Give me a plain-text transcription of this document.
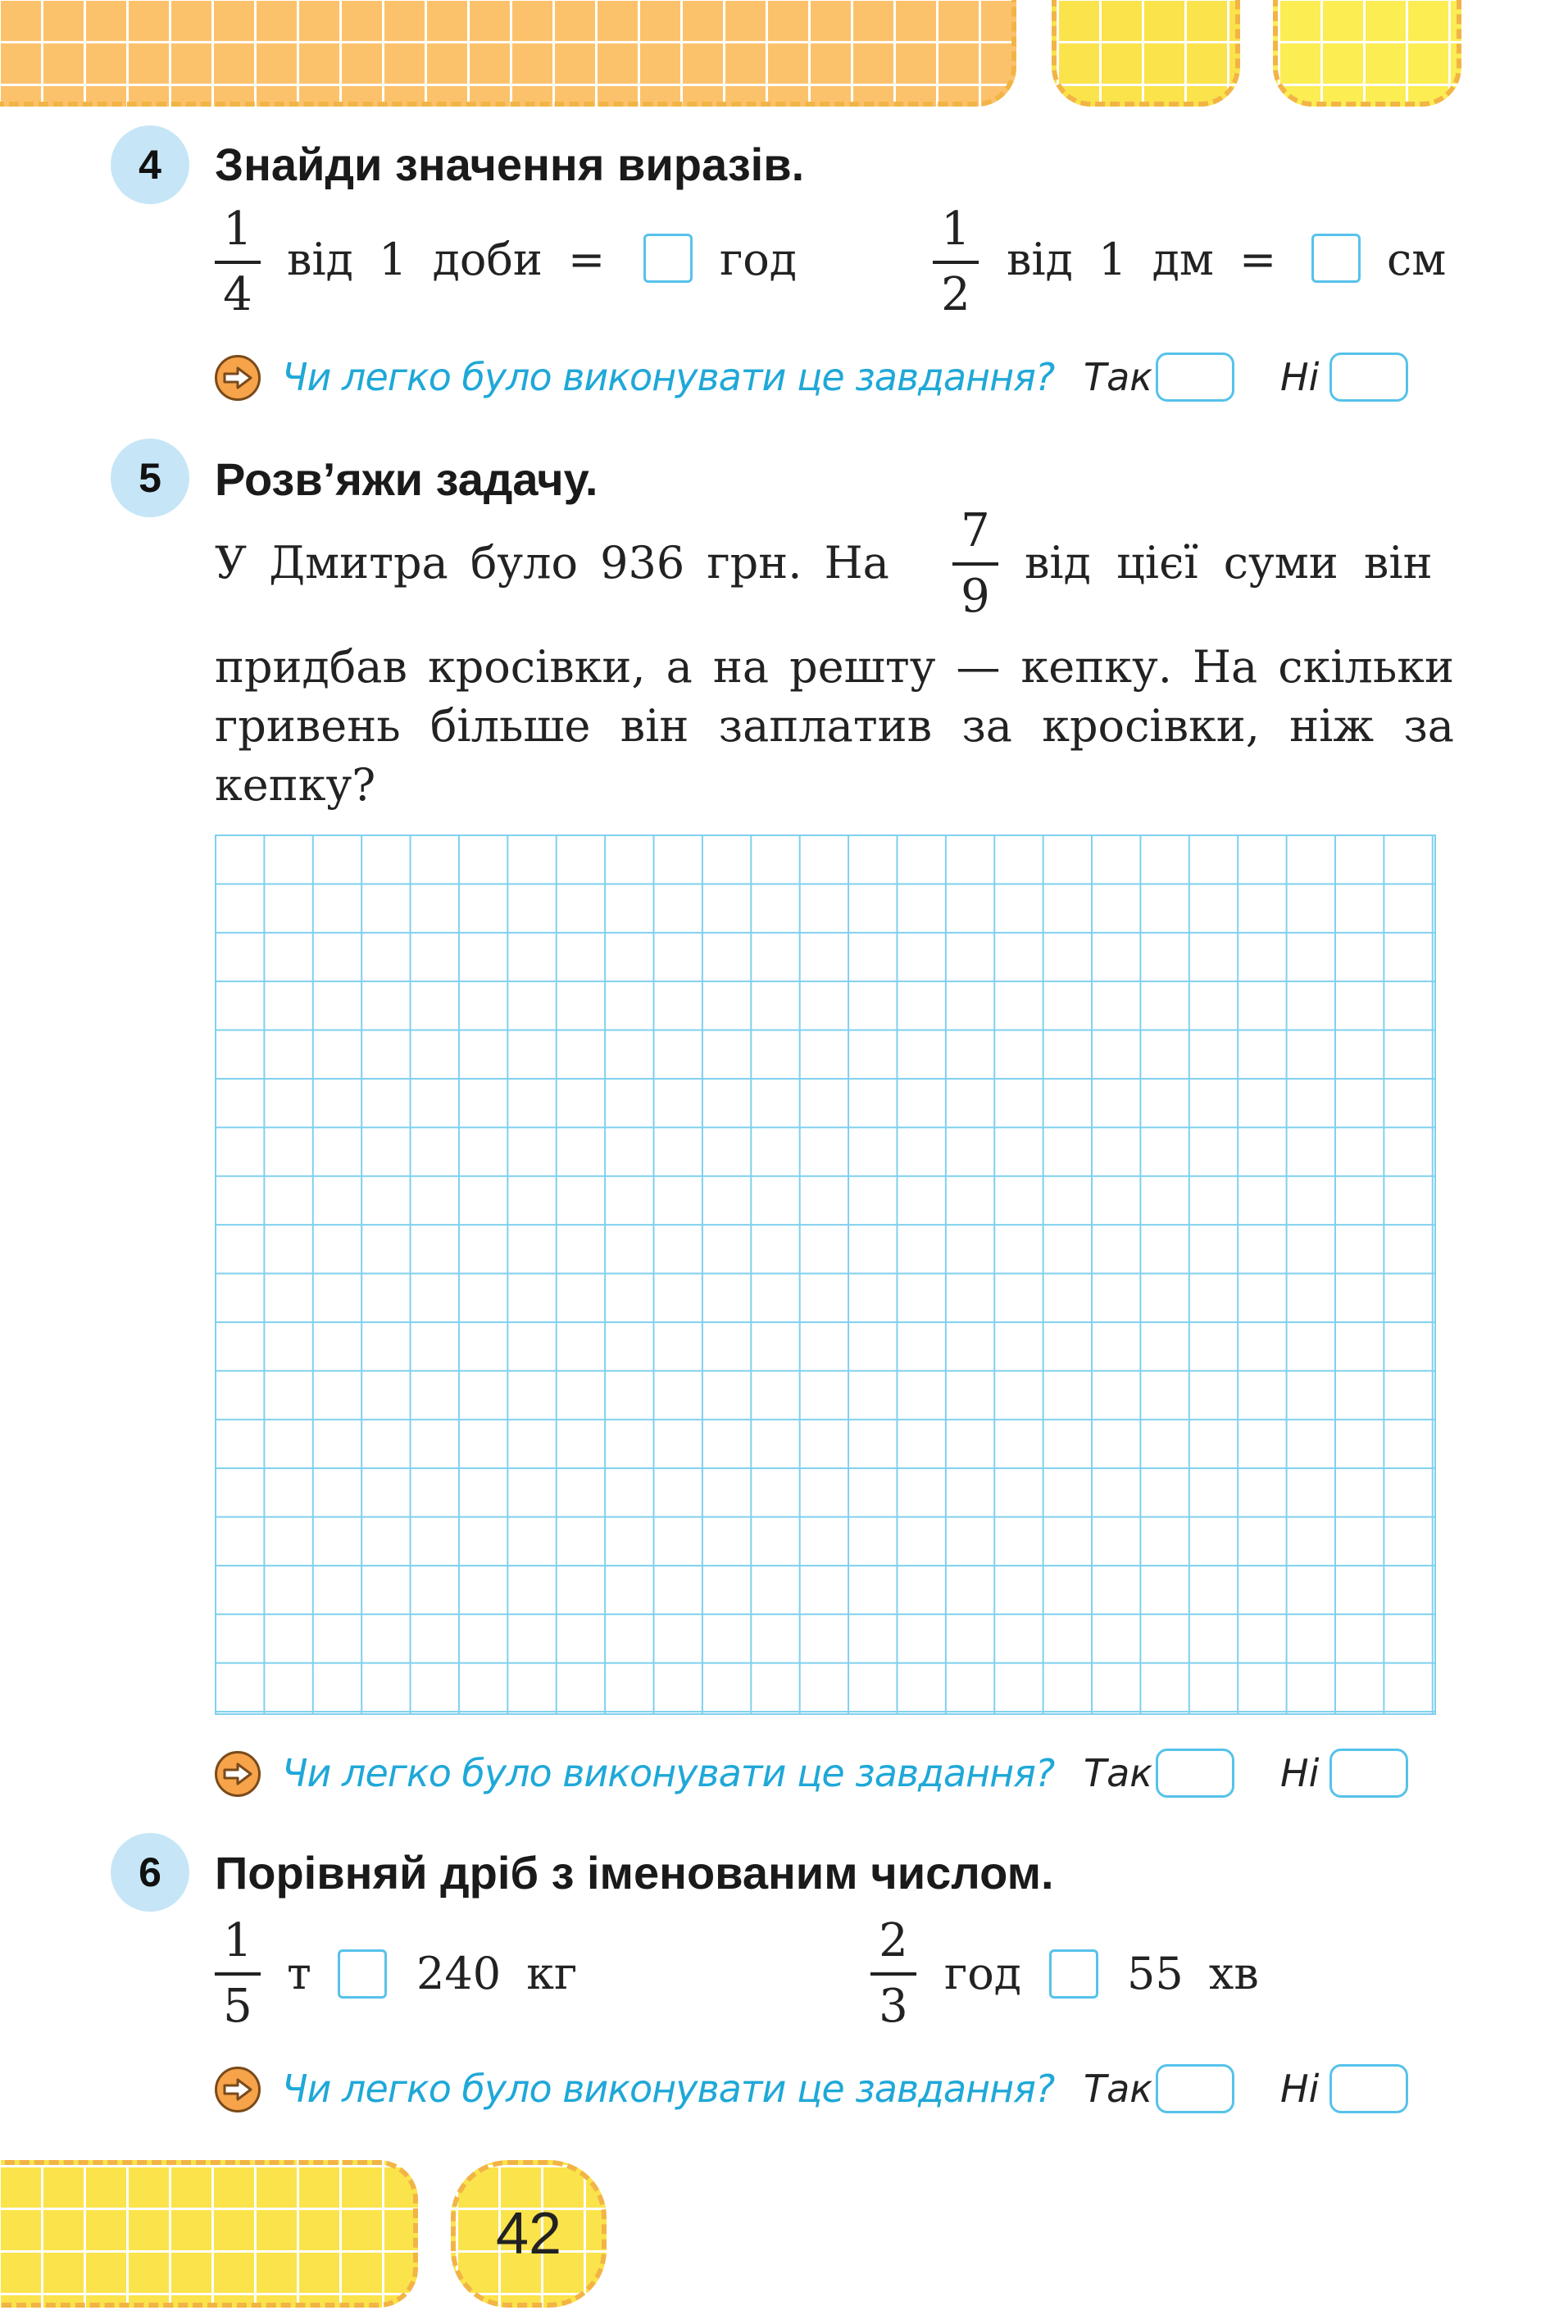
4	Знайди значення виразів.
1
4
від 1 доби =	год
1
2
від 1 дм = см
Чи легко було виконувати це завдання? Так	Ні
5	Розв’яжи задачу.
У Дмитра було 936 грн. На
7
9
від цієї суми він
придбав кросівки, а на решту — кепку. На скільки гривень більше він заплатив за кросівки, ніж за кепку?
Чи легко було виконувати це завдання? Так	Ні
6	Порівняй дріб з іменованим числом.
1
5
т 240 кг
2
3
год 55 хв
Чи легко було виконувати це завдання? Так	Ні
42
